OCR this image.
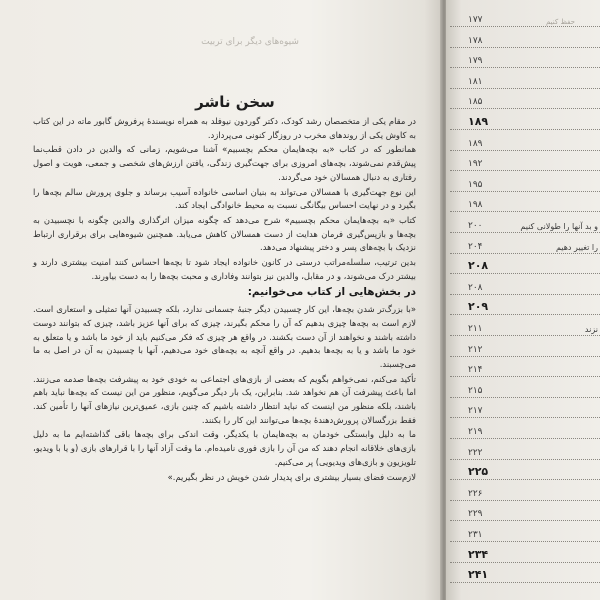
شیوه‌های دیگر برای تربیت
سخن ناشر

در مقام یکی از متخصصان رشد کودک، دکتر گوردون نیوفلد به همراه نویسندهٔ پرفروش گابور ماته در این کتاب به کاوش یکی از روندهای مخرب در روزگار کنونی می‌پردازد.

همانطور که در کتاب «به بچه‌هایمان محکم بچسبیم» آشنا می‌شویم، زمانی که والدین در دادن قطب‌نما پیش‌قدم نمی‌شوند، بچه‌های امروزی برای جهت‌گیری زندگی، یافتن ارزش‌های شخصی و جمعی، هویت و اصول رفتاری به دنبال همسالان خود می‌گردند.

این نوع جهت‌گیری با همسالان می‌تواند به بنیان اساسی خانواده آسیب برساند و جلوی پرورش سالم بچه‌ها را بگیرد و در نهایت احساس بیگانگی نسبت به محیط خانوادگی ایجاد کند.

کتاب «به بچه‌هایمان محکم بچسبیم» شرح می‌دهد که چگونه میزان اثرگذاری والدین چگونه با نچسبیدن به بچه‌ها و بازپس‌گیری فرمان هدایت از دست همسالان کاهش می‌یابد. همچنین شیوه‌هایی برای برقراری ارتباط نزدیک با بچه‌های پسر و دختر پیشنهاد می‌دهد.

بدین ترتیب، سلسله‌مراتب درستی در کانون خانواده ایجاد شود تا بچه‌ها احساس کنند امنیت بیشتری دارند و بیشتر درک می‌شوند، و در مقابل، والدین نیز بتوانند وفاداری و محبت بچه‌ها را به دست بیاورند.

در بخش‌هایی از کتاب می‌خوانیم:

«با بزرگ‌تر شدن بچه‌ها، این کار چسبیدن دیگر جنبهٔ جسمانی ندارد، بلکه چسبیدن آنها تمثیلی و استعاری است. لازم است به بچه‌ها چیزی بدهیم که آن را محکم بگیرند، چیزی که برای آنها عزیز باشد، چیزی که بتوانند دوست داشته باشند و نخواهند از آن دست بکشند. در واقع هر چیزی که فکر می‌کنیم باید از خود ما باشد و یا متعلق به خود ما باشد و یا به بچه‌ها بدهیم. در واقع آنچه به بچه‌های خود می‌دهیم، آنها با چسبیدن به آن در اصل به ما می‌چسبند.

تأکید می‌کنم، نمی‌خواهم بگویم که بعضی از بازی‌های اجتماعی به خودی خود به پیشرفت بچه‌ها صدمه می‌زنند. اما باعث پیشرفت آن هم نخواهد شد. بنابراین، یک بار دیگر می‌گویم، منظور من این نیست که بچه‌ها نباید باهم باشند، بلکه منظور من اینست که نباید انتظار داشته باشیم که چنین بازی، عمیق‌ترین نیازهای آنها را تأمین کند. فقط بزرگسالان پرورش‌دهندهٔ بچه‌ها می‌توانند این کار را بکنند.

ما به دلیل وابستگی خودمان به بچه‌هایمان با یکدیگر، وقت اندکی برای بچه‌ها باقی گذاشته‌ایم ما به دلیل بازی‌های خلاقانه انجام دهند که من آن را بازی فوری نامیده‌ام. ما وقت آزاد آنها را با قرارهای بازی (و یا با ویدیو، تلویزیون و بازی‌های ویدیویی) پر می‌کنیم.

لازم‌ست فضای بسیار بیشتری برای پدیدار شدن خویش در نظر بگیریم.»

حفظ کنیم
۱۷۷
۱۷۸
۱۷۹
۱۸۱
۱۸۵
۱۸۹
۱۸۹
۱۹۲
۱۹۵
۱۹۸
۲۰۰	و بد آنها را طولانی کنیم
۲۰۴	را تغییر دهیم
۲۰۸
۲۰۸
۲۰۹
۲۱۱	نزند
۲۱۲
۲۱۴
۲۱۵
۲۱۷
۲۱۹
۲۲۲
۲۲۵
۲۲۶
۲۲۹
۲۳۱
۲۳۴
۲۴۱
